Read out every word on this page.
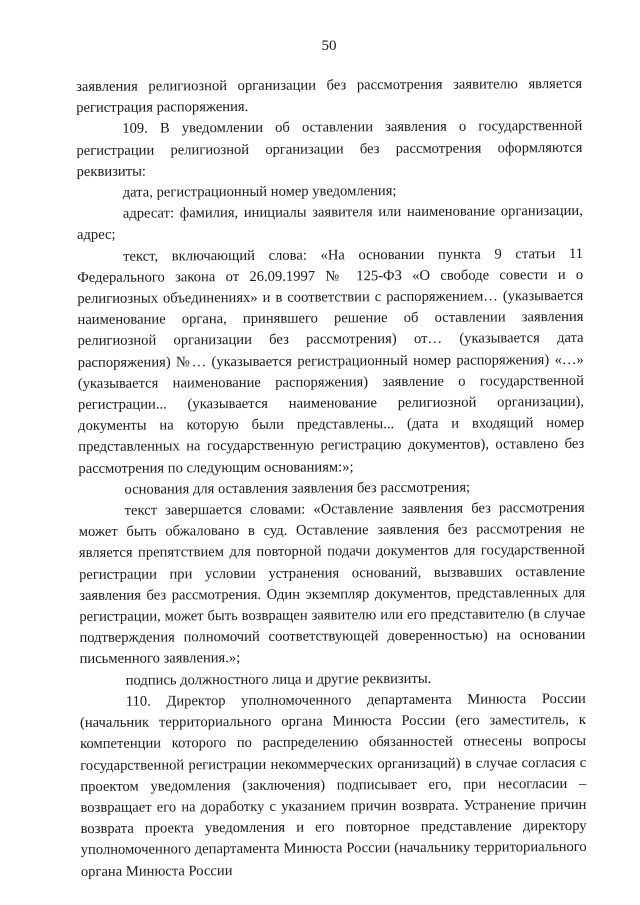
50

заявления религиозной организации без рассмотрения заявителю является регистрация распоряжения.

109. В уведомлении об оставлении заявления о государственной регистрации религиозной организации без рассмотрения оформляются реквизиты:

дата, регистрационный номер уведомления;

адресат: фамилия, инициалы заявителя или наименование организации, адрес;

текст, включающий слова: «На основании пункта 9 статьи 11 Федерального закона от 26.09.1997 № 125-ФЗ «О свободе совести и о религиозных объединениях» и в соответствии с распоряжением… (указывается наименование органа, принявшего решение об оставлении заявления религиозной организации без рассмотрения) от… (указывается дата распоряжения) №… (указывается регистрационный номер распоряжения) «…» (указывается наименование распоряжения) заявление о государственной регистрации... (указывается наименование религиозной организации), документы на которую были представлены... (дата и входящий номер представленных на государственную регистрацию документов), оставлено без рассмотрения по следующим основаниям:»;

основания для оставления заявления без рассмотрения;

текст завершается словами: «Оставление заявления без рассмотрения может быть обжаловано в суд. Оставление заявления без рассмотрения не является препятствием для повторной подачи документов для государственной регистрации при условии устранения оснований, вызвавших оставление заявления без рассмотрения. Один экземпляр документов, представленных для регистрации, может быть возвращен заявителю или его представителю (в случае подтверждения полномочий соответствующей доверенностью) на основании письменного заявления.»;

подпись должностного лица и другие реквизиты.

110. Директор уполномоченного департамента Минюста России (начальник территориального органа Минюста России (его заместитель, к компетенции которого по распределению обязанностей отнесены вопросы государственной регистрации некоммерческих организаций) в случае согласия с проектом уведомления (заключения) подписывает его, при несогласии – возвращает его на доработку с указанием причин возврата. Устранение причин возврата проекта уведомления и его повторное представление директору уполномоченного департамента Минюста России (начальнику территориального органа Минюста России
